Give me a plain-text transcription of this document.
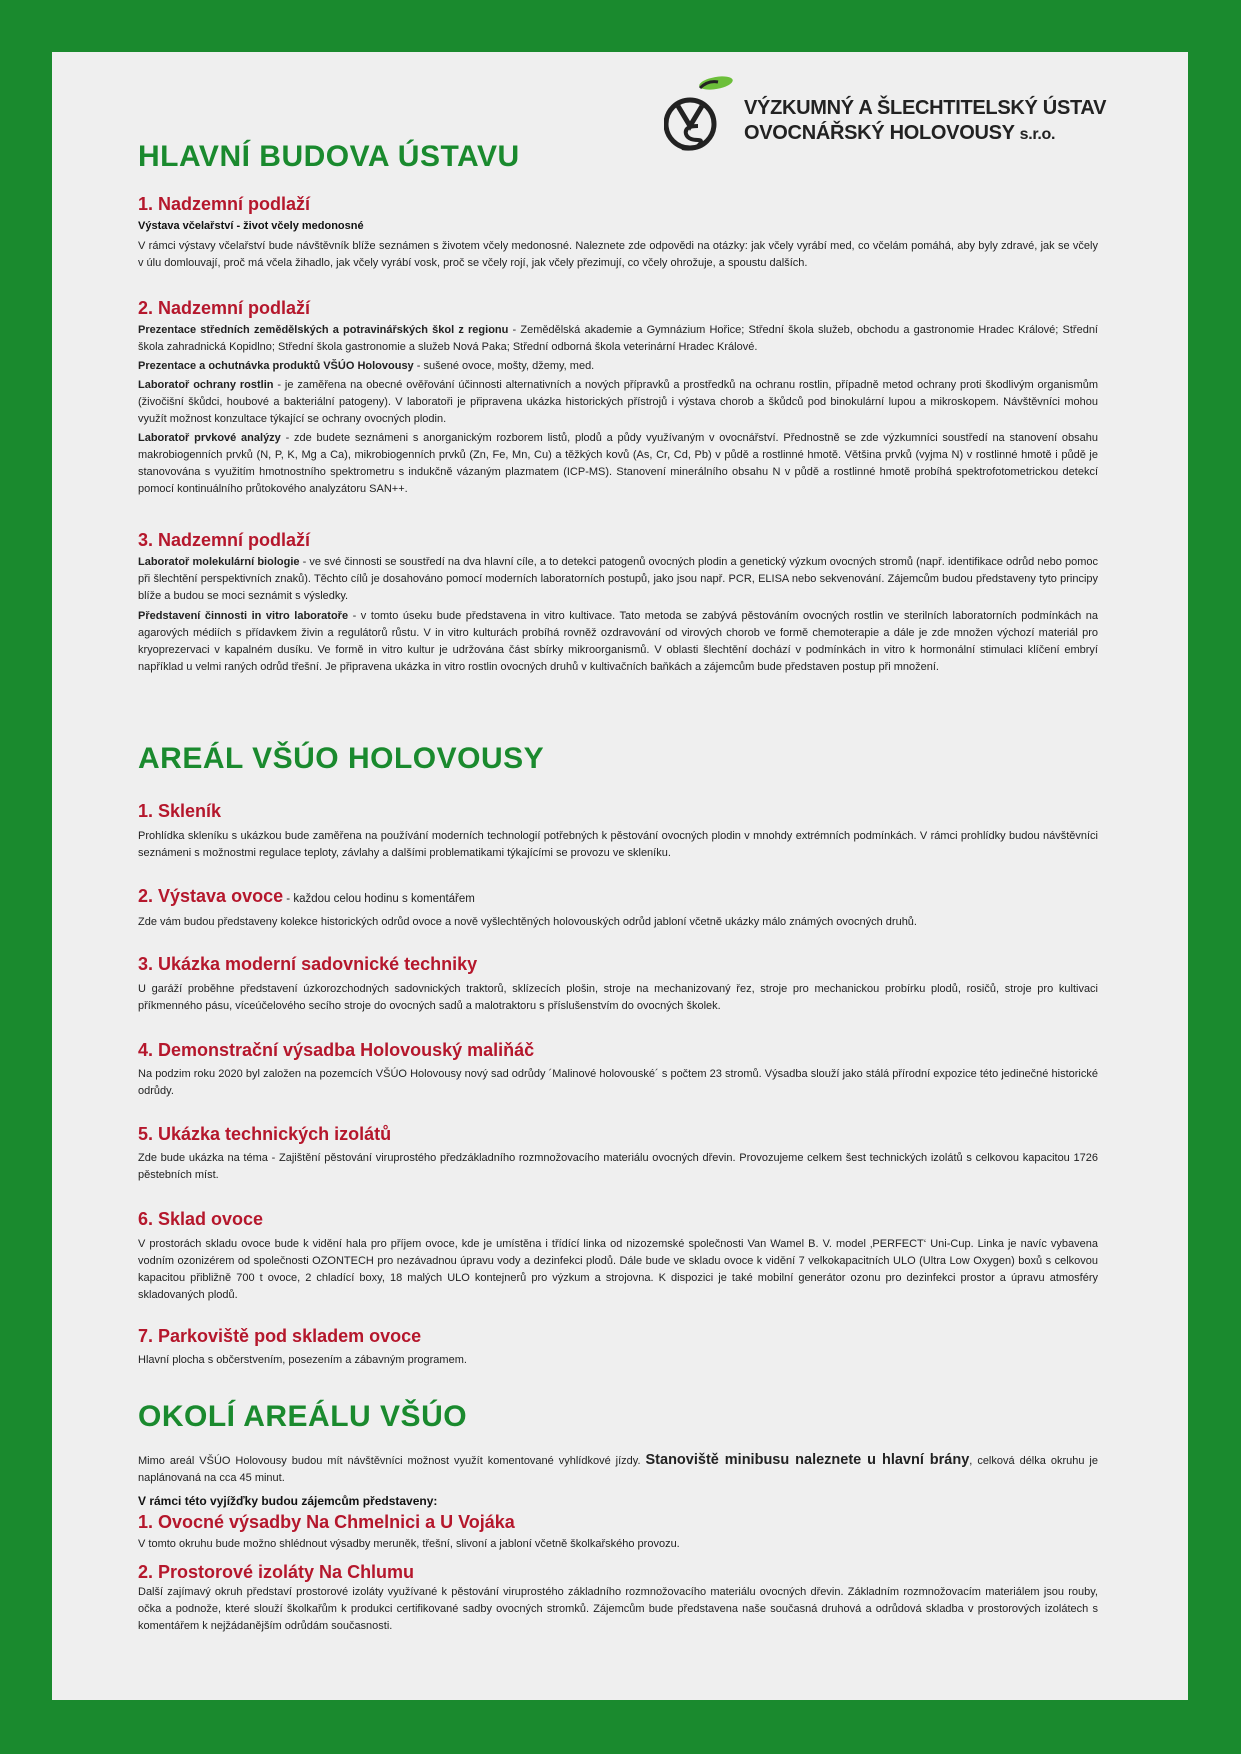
VÝZKUMNÝ A ŠLECHTITELSKÝ ÚSTAV
OVOCNÁŘSKÝ HOLOVOUSY s.r.o.
HLAVNÍ BUDOVA ÚSTAVU
1. Nadzemní podlaží
Výstava včelařství - život včely medonosné
V rámci výstavy včelařství bude návštěvník blíže seznámen s životem včely medonosné. Naleznete zde odpovědi na otázky: jak včely vyrábí med, co včelám pomáhá, aby byly zdravé, jak se včely v úlu domlouvají, proč má včela žihadlo, jak včely vyrábí vosk, proč se včely rojí, jak včely přezimují, co včely ohrožuje, a spoustu dalších.
2. Nadzemní podlaží
Prezentace středních zemědělských a potravinářských škol z regionu - Zemědělská akademie a Gymnázium Hořice; Střední škola služeb, obchodu a gastronomie Hradec Králové; Střední škola zahradnická Kopidlno; Střední škola gastronomie a služeb Nová Paka; Střední odborná škola veterinární Hradec Králové.
Prezentace a ochutnávka produktů VŠÚO Holovousy - sušené ovoce, mošty, džemy, med.
Laboratoř ochrany rostlin - je zaměřena na obecné ověřování účinnosti alternativních a nových přípravků a prostředků na ochranu rostlin, případně metod ochrany proti škodlivým organismům (živočišní škůdci, houbové a bakteriální patogeny). V laboratoři je připravena ukázka historických přístrojů i výstava chorob a škůdců pod binokulární lupou a mikroskopem. Návštěvníci mohou využít možnost konzultace týkající se ochrany ovocných plodin.
Laboratoř prvkové analýzy - zde budete seznámeni s anorganickým rozborem listů, plodů a půdy využívaným v ovocnářství. Přednostně se zde výzkumníci soustředí na stanovení obsahu makrobiogenních prvků (N, P, K, Mg a Ca), mikrobiogenních prvků (Zn, Fe, Mn, Cu) a těžkých kovů (As, Cr, Cd, Pb) v půdě a rostlinné hmotě. Většina prvků (vyjma N) v rostlinné hmotě i půdě je stanovována s využitím hmotnostního spektrometru s indukčně vázaným plazmatem (ICP-MS). Stanovení minerálního obsahu N v půdě a rostlinné hmotě probíhá spektrofotometrickou detekcí pomocí kontinuálního průtokového analyzátoru SAN++.
3. Nadzemní podlaží
Laboratoř molekulární biologie - ve své činnosti se soustředí na dva hlavní cíle, a to detekci patogenů ovocných plodin a genetický výzkum ovocných stromů (např. identifikace odrůd nebo pomoc při šlechtění perspektivních znaků). Těchto cílů je dosahováno pomocí moderních laboratorních postupů, jako jsou např. PCR, ELISA nebo sekvenování. Zájemcům budou představeny tyto principy blíže a budou se moci seznámit s výsledky.
Představení činnosti in vitro laboratoře - v tomto úseku bude představena in vitro kultivace. Tato metoda se zabývá pěstováním ovocných rostlin ve sterilních laboratorních podmínkách na agarových médiích s přídavkem živin a regulátorů růstu. V in vitro kulturách probíhá rovněž ozdravování od virových chorob ve formě chemoterapie a dále je zde množen výchozí materiál pro kryoprezervaci v kapalném dusíku. Ve formě in vitro kultur je udržována část sbírky mikroorganismů. V oblasti šlechtění dochází v podmínkách in vitro k hormonální stimulaci klíčení embryí například u velmi raných odrůd třešní. Je připravena ukázka in vitro rostlin ovocných druhů v kultivačních baňkách a zájemcům bude představen postup při množení.
AREÁL VŠÚO HOLOVOUSY
1. Skleník
Prohlídka skleníku s ukázkou bude zaměřena na používání moderních technologií potřebných k pěstování ovocných plodin v mnohdy extrémních podmínkách. V rámci prohlídky budou návštěvníci seznámeni s možnostmi regulace teploty, závlahy a dalšími problematikami týkajícími se provozu ve skleníku.
2. Výstava ovoce - každou celou hodinu s komentářem
Zde vám budou představeny kolekce historických odrůd ovoce a nově vyšlechtěných holovouských odrůd jabloní včetně ukázky málo známých ovocných druhů.
3. Ukázka moderní sadovnické techniky
U garáží proběhne představení úzkorozchodných sadovnických traktorů, sklízecích plošin, stroje na mechanizovaný řez, stroje pro mechanickou probírku plodů, rosičů, stroje pro kultivaci příkmenného pásu, víceúčelového secího stroje do ovocných sadů a malotraktoru s příslušenstvím do ovocných školek.
4. Demonstrační výsadba Holovouský maliňáč
Na podzim roku 2020 byl založen na pozemcích VŠÚO Holovousy nový sad odrůdy ´Malinové holovouské´ s počtem 23 stromů. Výsadba slouží jako stálá přírodní expozice této jedinečné historické odrůdy.
5. Ukázka technických izolátů
Zde bude ukázka na téma - Zajištění pěstování viruprostého předzákladního rozmnožovacího materiálu ovocných dřevin. Provozujeme celkem šest technických izolátů s celkovou kapacitou 1726 pěstebních míst.
6. Sklad ovoce
V prostorách skladu ovoce bude k vidění hala pro příjem ovoce, kde je umístěna i třídící linka od nizozemské společnosti Van Wamel B. V. model ‚PERFECT‘ Uni-Cup. Linka je navíc vybavena vodním ozonizérem od společnosti OZONTECH pro nezávadnou úpravu vody a dezinfekci plodů. Dále bude ve skladu ovoce k vidění 7 velkokapacitních ULO (Ultra Low Oxygen) boxů s celkovou kapacitou přibližně 700 t ovoce, 2 chladící boxy, 18 malých ULO kontejnerů pro výzkum a strojovna. K dispozici je také mobilní generátor ozonu pro dezinfekci prostor a úpravu atmosféry skladovaných plodů.
7. Parkoviště pod skladem ovoce
Hlavní plocha s občerstvením, posezením a zábavným programem.
OKOLÍ AREÁLU VŠÚO
Mimo areál VŠÚO Holovousy budou mít návštěvníci možnost využít komentované vyhlídkové jízdy. Stanoviště minibusu naleznete u hlavní brány, celková délka okruhu je naplánovaná na cca 45 minut.
V rámci této vyjížďky budou zájemcům představeny:
1. Ovocné výsadby Na Chmelnici a U Vojáka
V tomto okruhu bude možno shlédnout výsadby meruněk, třešní, slivoní a jabloní včetně školkařského provozu.
2. Prostorové izoláty Na Chlumu
Další zajímavý okruh představí prostorové izoláty využívané k pěstování viruprostého základního rozmnožovacího materiálu ovocných dřevin. Základním rozmnožovacím materiálem jsou rouby, očka a podnože, které slouží školkařům k produkci certifikované sadby ovocných stromků. Zájemcům bude představena naše současná druhová a odrůdová skladba v prostorových izolátech s komentářem k nejžádanějším odrůdám současnosti.
